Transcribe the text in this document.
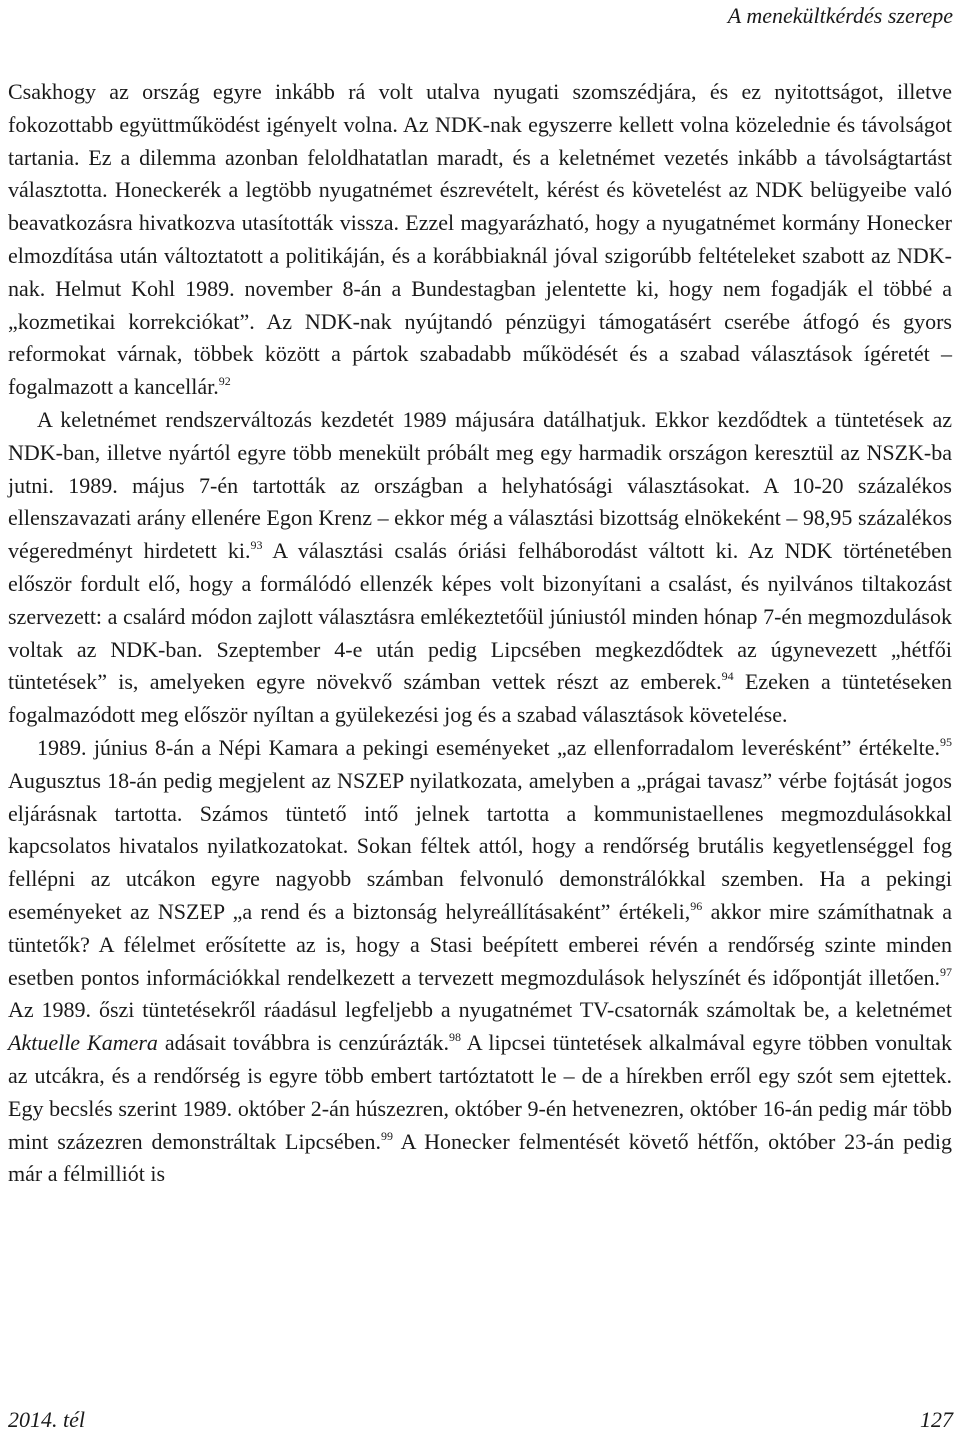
A menekültkérdés szerepe

Csakhogy az ország egyre inkább rá volt utalva nyugati szomszédjára, és ez nyitottságot, illetve fokozottabb együttműködést igényelt volna. Az NDK-nak egyszerre kellett volna közelednie és távolságot tartania. Ez a dilemma azonban feloldhatatlan maradt, és a keletnémet vezetés inkább a távolságtartást választotta. Honeckerék a legtöbb nyugatnémet észrevételt, kérést és követelést az NDK belügyeibe való beavatkozásra hivatkozva utasították vissza. Ezzel magyarázható, hogy a nyugatnémet kormány Honecker elmozdítása után változtatott a politikáján, és a korábbiaknál jóval szigorúbb feltételeket szabott az NDK-nak. Helmut Kohl 1989. november 8-án a Bundestagban jelentette ki, hogy nem fogadják el többé a „kozmetikai korrekciókat”. Az NDK-nak nyújtandó pénzügyi támogatásért cserébe átfogó és gyors reformokat várnak, többek között a pártok szabadabb működését és a szabad választások ígéretét – fogalmazott a kancellár.$^{92}$

A keletnémet rendszerváltozás kezdetét 1989 májusára datálhatjuk. Ekkor kezdődtek a tüntetések az NDK-ban, illetve nyártól egyre több menekült próbált meg egy harmadik országon keresztül az NSZK-ba jutni. 1989. május 7-én tartották az országban a helyhatósági választásokat. A 10-20 százalékos ellenszavazati arány ellenére Egon Krenz – ekkor még a választási bizottság elnökeként – 98,95 százalékos végeredményt hirdetett ki.$^{93}$ A választási csalás óriási felháborodást váltott ki. Az NDK történetében először fordult elő, hogy a formálódó ellenzék képes volt bizonyítani a csalást, és nyilvános tiltakozást szervezett: a csalárd módon zajlott választásra emlékeztetőül júniustól minden hónap 7-én megmozdulások voltak az NDK-ban. Szeptember 4-e után pedig Lipcsében megkezdődtek az úgynevezett „hétfői tüntetések” is, amelyeken egyre növekvő számban vettek részt az emberek.$^{94}$ Ezeken a tüntetéseken fogalmazódott meg először nyíltan a gyülekezési jog és a szabad választások követelése.

1989. június 8-án a Népi Kamara a pekingi eseményeket „az ellenforradalom leverésként” értékelte.$^{95}$ Augusztus 18-án pedig megjelent az NSZEP nyilatkozata, amelyben a „prágai tavasz” vérbe fojtását jogos eljárásnak tartotta. Számos tüntető intő jelnek tartotta a kommunistaellenes megmozdulásokkal kapcsolatos hivatalos nyilatkozatokat. Sokan féltek attól, hogy a rendőrség brutális kegyetlenséggel fog fellépni az utcákon egyre nagyobb számban felvonuló demonstrálókkal szemben. Ha a pekingi eseményeket az NSZEP „a rend és a biztonság helyreállításaként” értékeli,$^{96}$ akkor mire számíthatnak a tüntetők? A félelmet erősítette az is, hogy a Stasi beépített emberei révén a rendőrség szinte minden esetben pontos információkkal rendelkezett a tervezett megmozdulások helyszínét és időpontját illetően.$^{97}$ Az 1989. őszi tüntetésekről ráadásul legfeljebb a nyugatnémet TV-csatornák számoltak be, a keletnémet Aktuelle Kamera adásait továbbra is cenzúrázták.$^{98}$ A lipcsei tüntetések alkalmával egyre többen vonultak az utcákra, és a rendőrség is egyre több embert tartóztatott le – de a hírekben erről egy szót sem ejtettek. Egy becslés szerint 1989. október 2-án húszezren, október 9-én hetvenezren, október 16-án pedig már több mint százezren demonstráltak Lipcsében.$^{99}$ A Honecker felmentését követő hétfőn, október 23-án pedig már a félmilliót is

2014. tél	127
